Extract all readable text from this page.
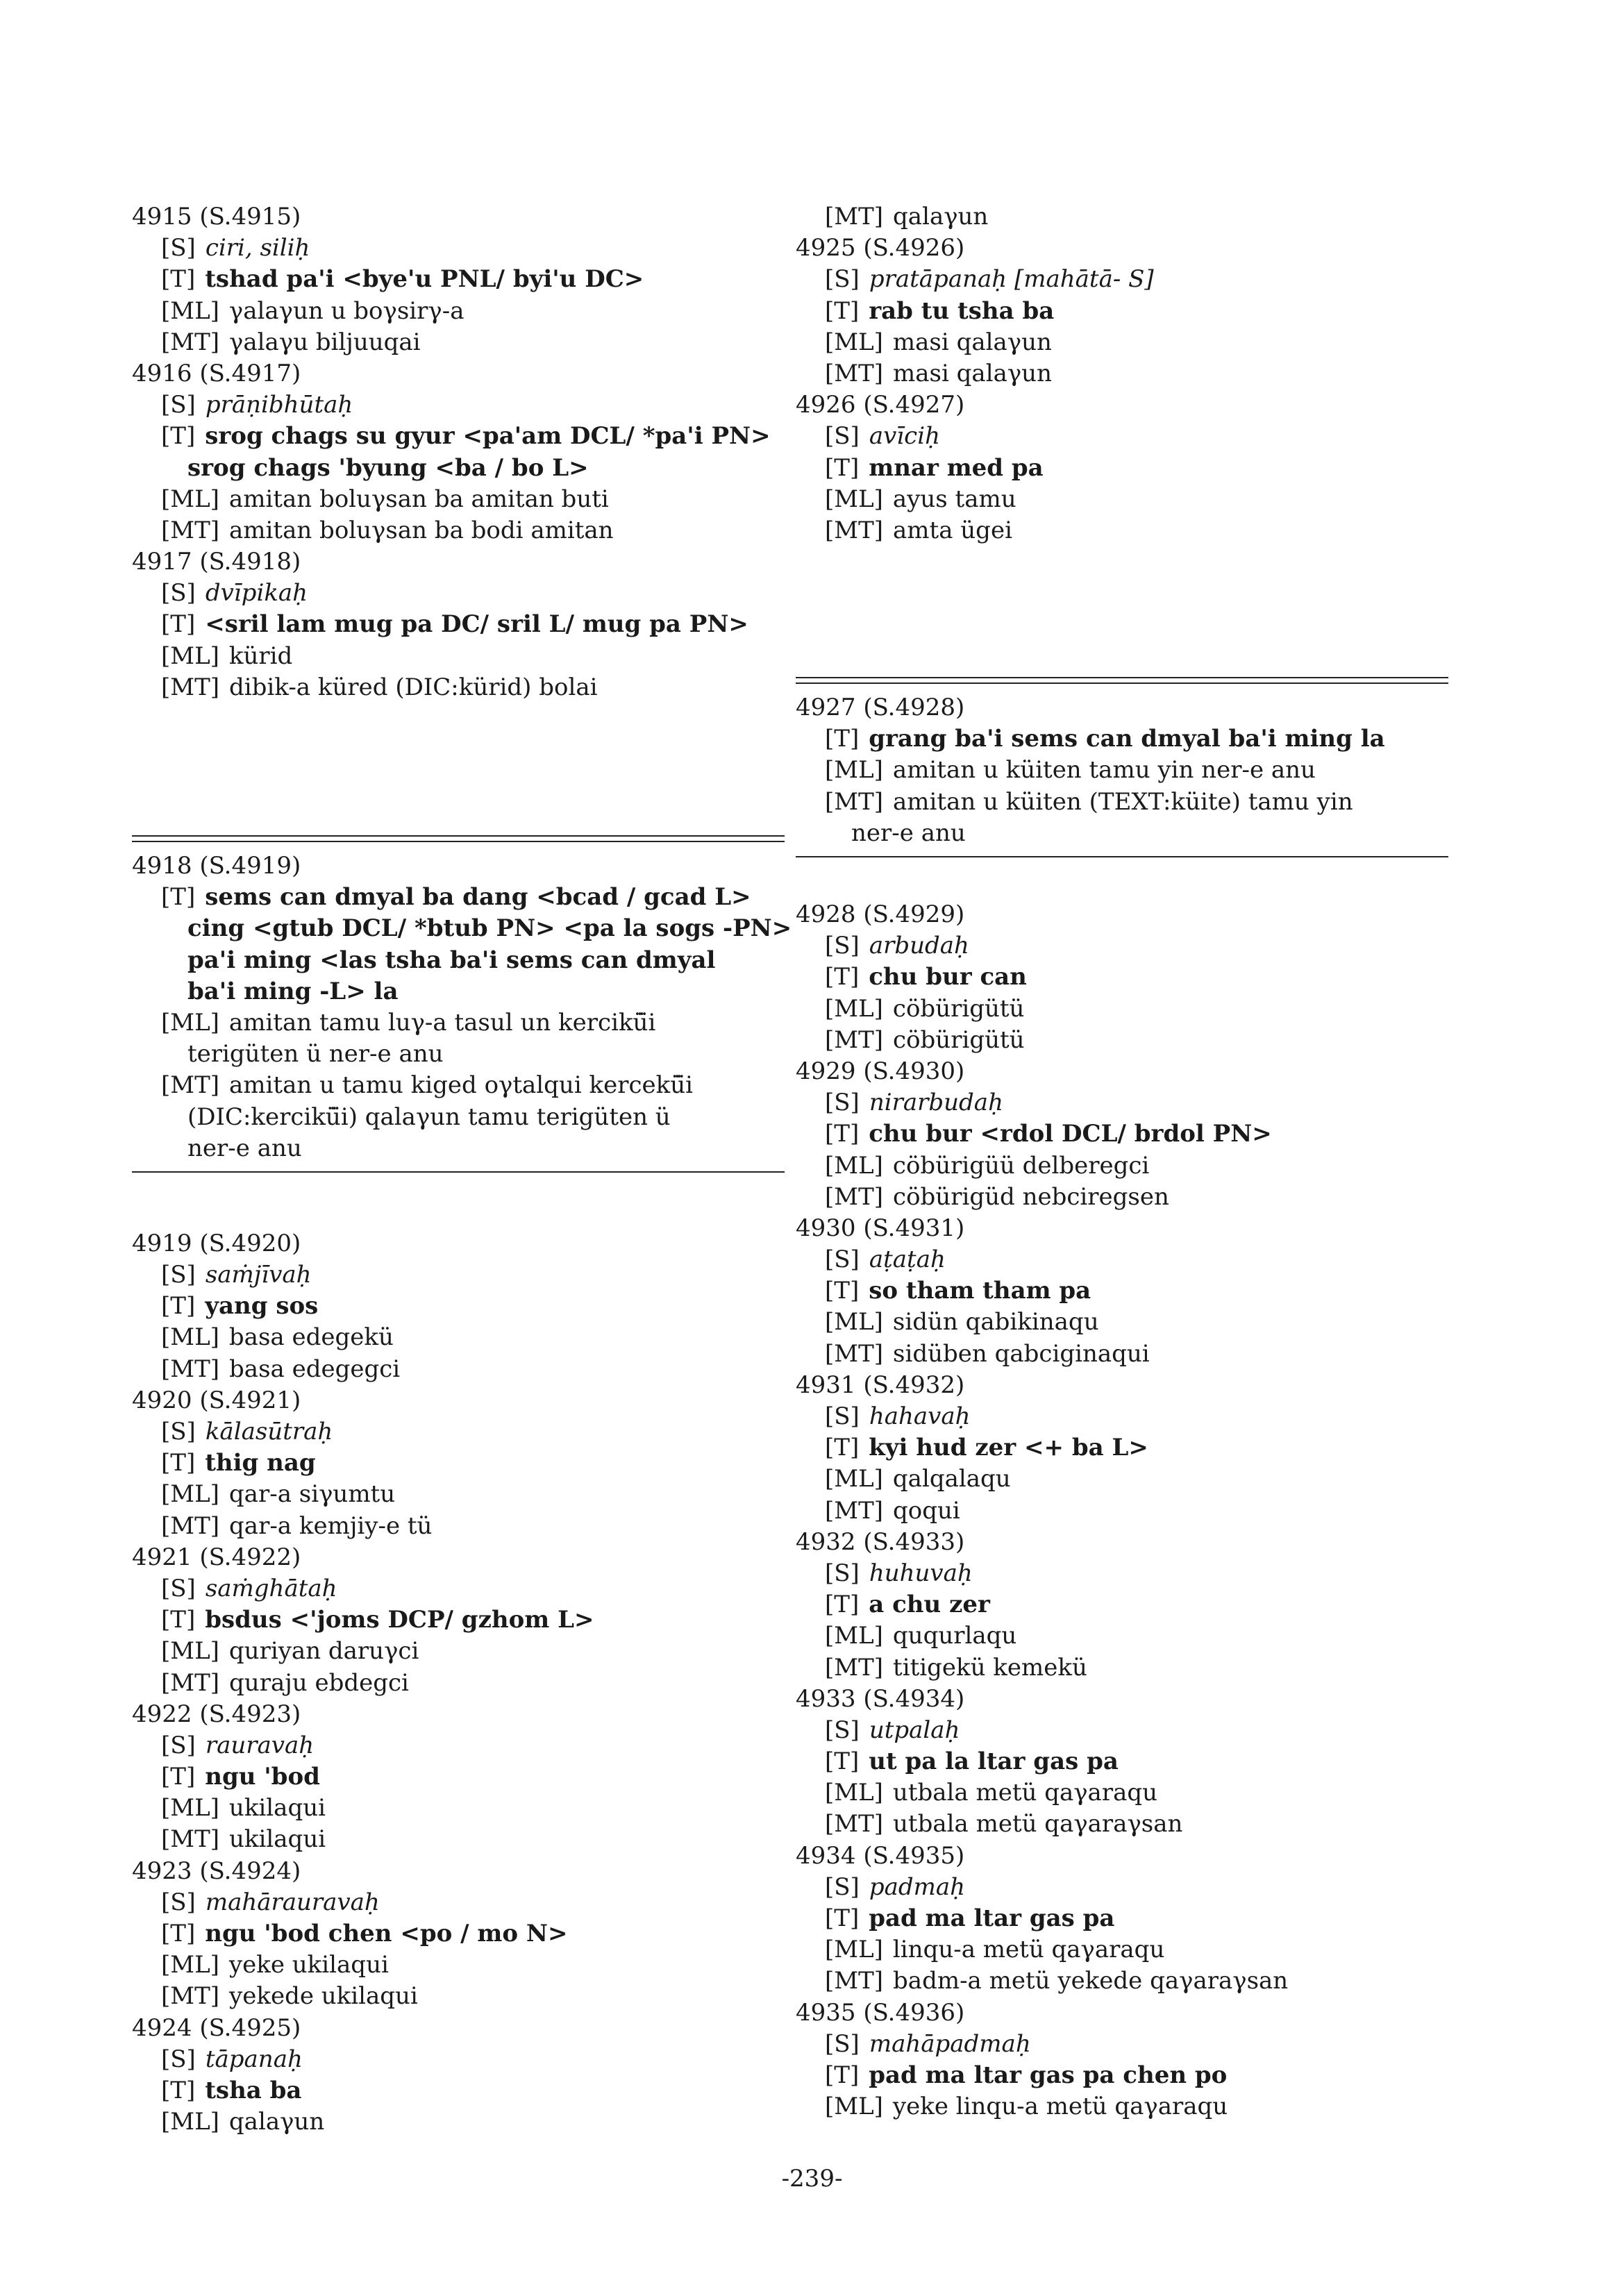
4915 (S.4915)
[S] ciri, siliḥ
[T] tshad pa'i <bye'u PNL/ byi'u DC>
[ML] γalaγun u boγsirγ-a
[MT] γalaγu biljuuqai
4916 (S.4917)
[S] prāṇibhūtaḥ
[T] srog chags su gyur <pa'am DCL/ *pa'i PN>
srog chags 'byung <ba / bo L>
[ML] amitan boluγsan ba amitan buti
[MT] amitan boluγsan ba bodi amitan
4917 (S.4918)
[S] dvīpikaḥ
[T] <sril lam mug pa DC/ sril L/ mug pa PN>
[ML] kürid
[MT] dibik-a küred (DIC:kürid) bolai
4918 (S.4919)
[T] sems can dmyal ba dang <bcad / gcad L>
cing <gtub DCL/ *btub PN> <pa la sogs -PN>
pa'i ming <las tsha ba'i sems can dmyal
ba'i ming -L> la
[ML] amitan tamu luγ-a tasul un kercikü̈i
terigüten ü ner-e anu
[MT] amitan u tamu kiged oγtalqui kercekü̈i
(DIC:kercikü̈i) qalaγun tamu terigüten ü
ner-e anu
4919 (S.4920)
[S] saṁjīvaḥ
[T] yang sos
[ML] basa edegekü
[MT] basa edegegci
4920 (S.4921)
[S] kālasūtraḥ
[T] thig nag
[ML] qar-a siγumtu
[MT] qar-a kemjiy-e tü
4921 (S.4922)
[S] saṁghātaḥ
[T] bsdus <'joms DCP/ gzhom L>
[ML] quriyan daruγci
[MT] quraju ebdegci
4922 (S.4923)
[S] rauravaḥ
[T] ngu 'bod
[ML] ukilaqui
[MT] ukilaqui
4923 (S.4924)
[S] mahārauravaḥ
[T] ngu 'bod chen <po / mo N>
[ML] yeke ukilaqui
[MT] yekede ukilaqui
4924 (S.4925)
[S] tāpanaḥ
[T] tsha ba
[ML] qalaγun
[MT] qalaγun
4925 (S.4926)
[S] pratāpanaḥ [mahātā- S]
[T] rab tu tsha ba
[ML] masi qalaγun
[MT] masi qalaγun
4926 (S.4927)
[S] avīciḥ
[T] mnar med pa
[ML] ayus tamu
[MT] amta ügei
4927 (S.4928)
[T] grang ba'i sems can dmyal ba'i ming la
[ML] amitan u küiten tamu yin ner-e anu
[MT] amitan u küiten (TEXT:küite) tamu yin
ner-e anu
4928 (S.4929)
[S] arbudaḥ
[T] chu bur can
[ML] cöbürigütü
[MT] cöbürigütü
4929 (S.4930)
[S] nirarbudaḥ
[T] chu bur <rdol DCL/ brdol PN>
[ML] cöbürigüü delberegci
[MT] cöbürigüd nebciregsen
4930 (S.4931)
[S] aṭaṭaḥ
[T] so tham tham pa
[ML] sidün qabikinaqu
[MT] sidüben qabciginaqui
4931 (S.4932)
[S] hahavaḥ
[T] kyi hud zer <+ ba L>
[ML] qalqalaqu
[MT] qoqui
4932 (S.4933)
[S] huhuvaḥ
[T] a chu zer
[ML] ququrlaqu
[MT] titigekü kemekü
4933 (S.4934)
[S] utpalaḥ
[T] ut pa la ltar gas pa
[ML] utbala metü qaγaraqu
[MT] utbala metü qaγaraγsan
4934 (S.4935)
[S] padmaḥ
[T] pad ma ltar gas pa
[ML] linqu-a metü qaγaraqu
[MT] badm-a metü yekede qaγaraγsan
4935 (S.4936)
[S] mahāpadmaḥ
[T] pad ma ltar gas pa chen po
[ML] yeke linqu-a metü qaγaraqu
-239-
